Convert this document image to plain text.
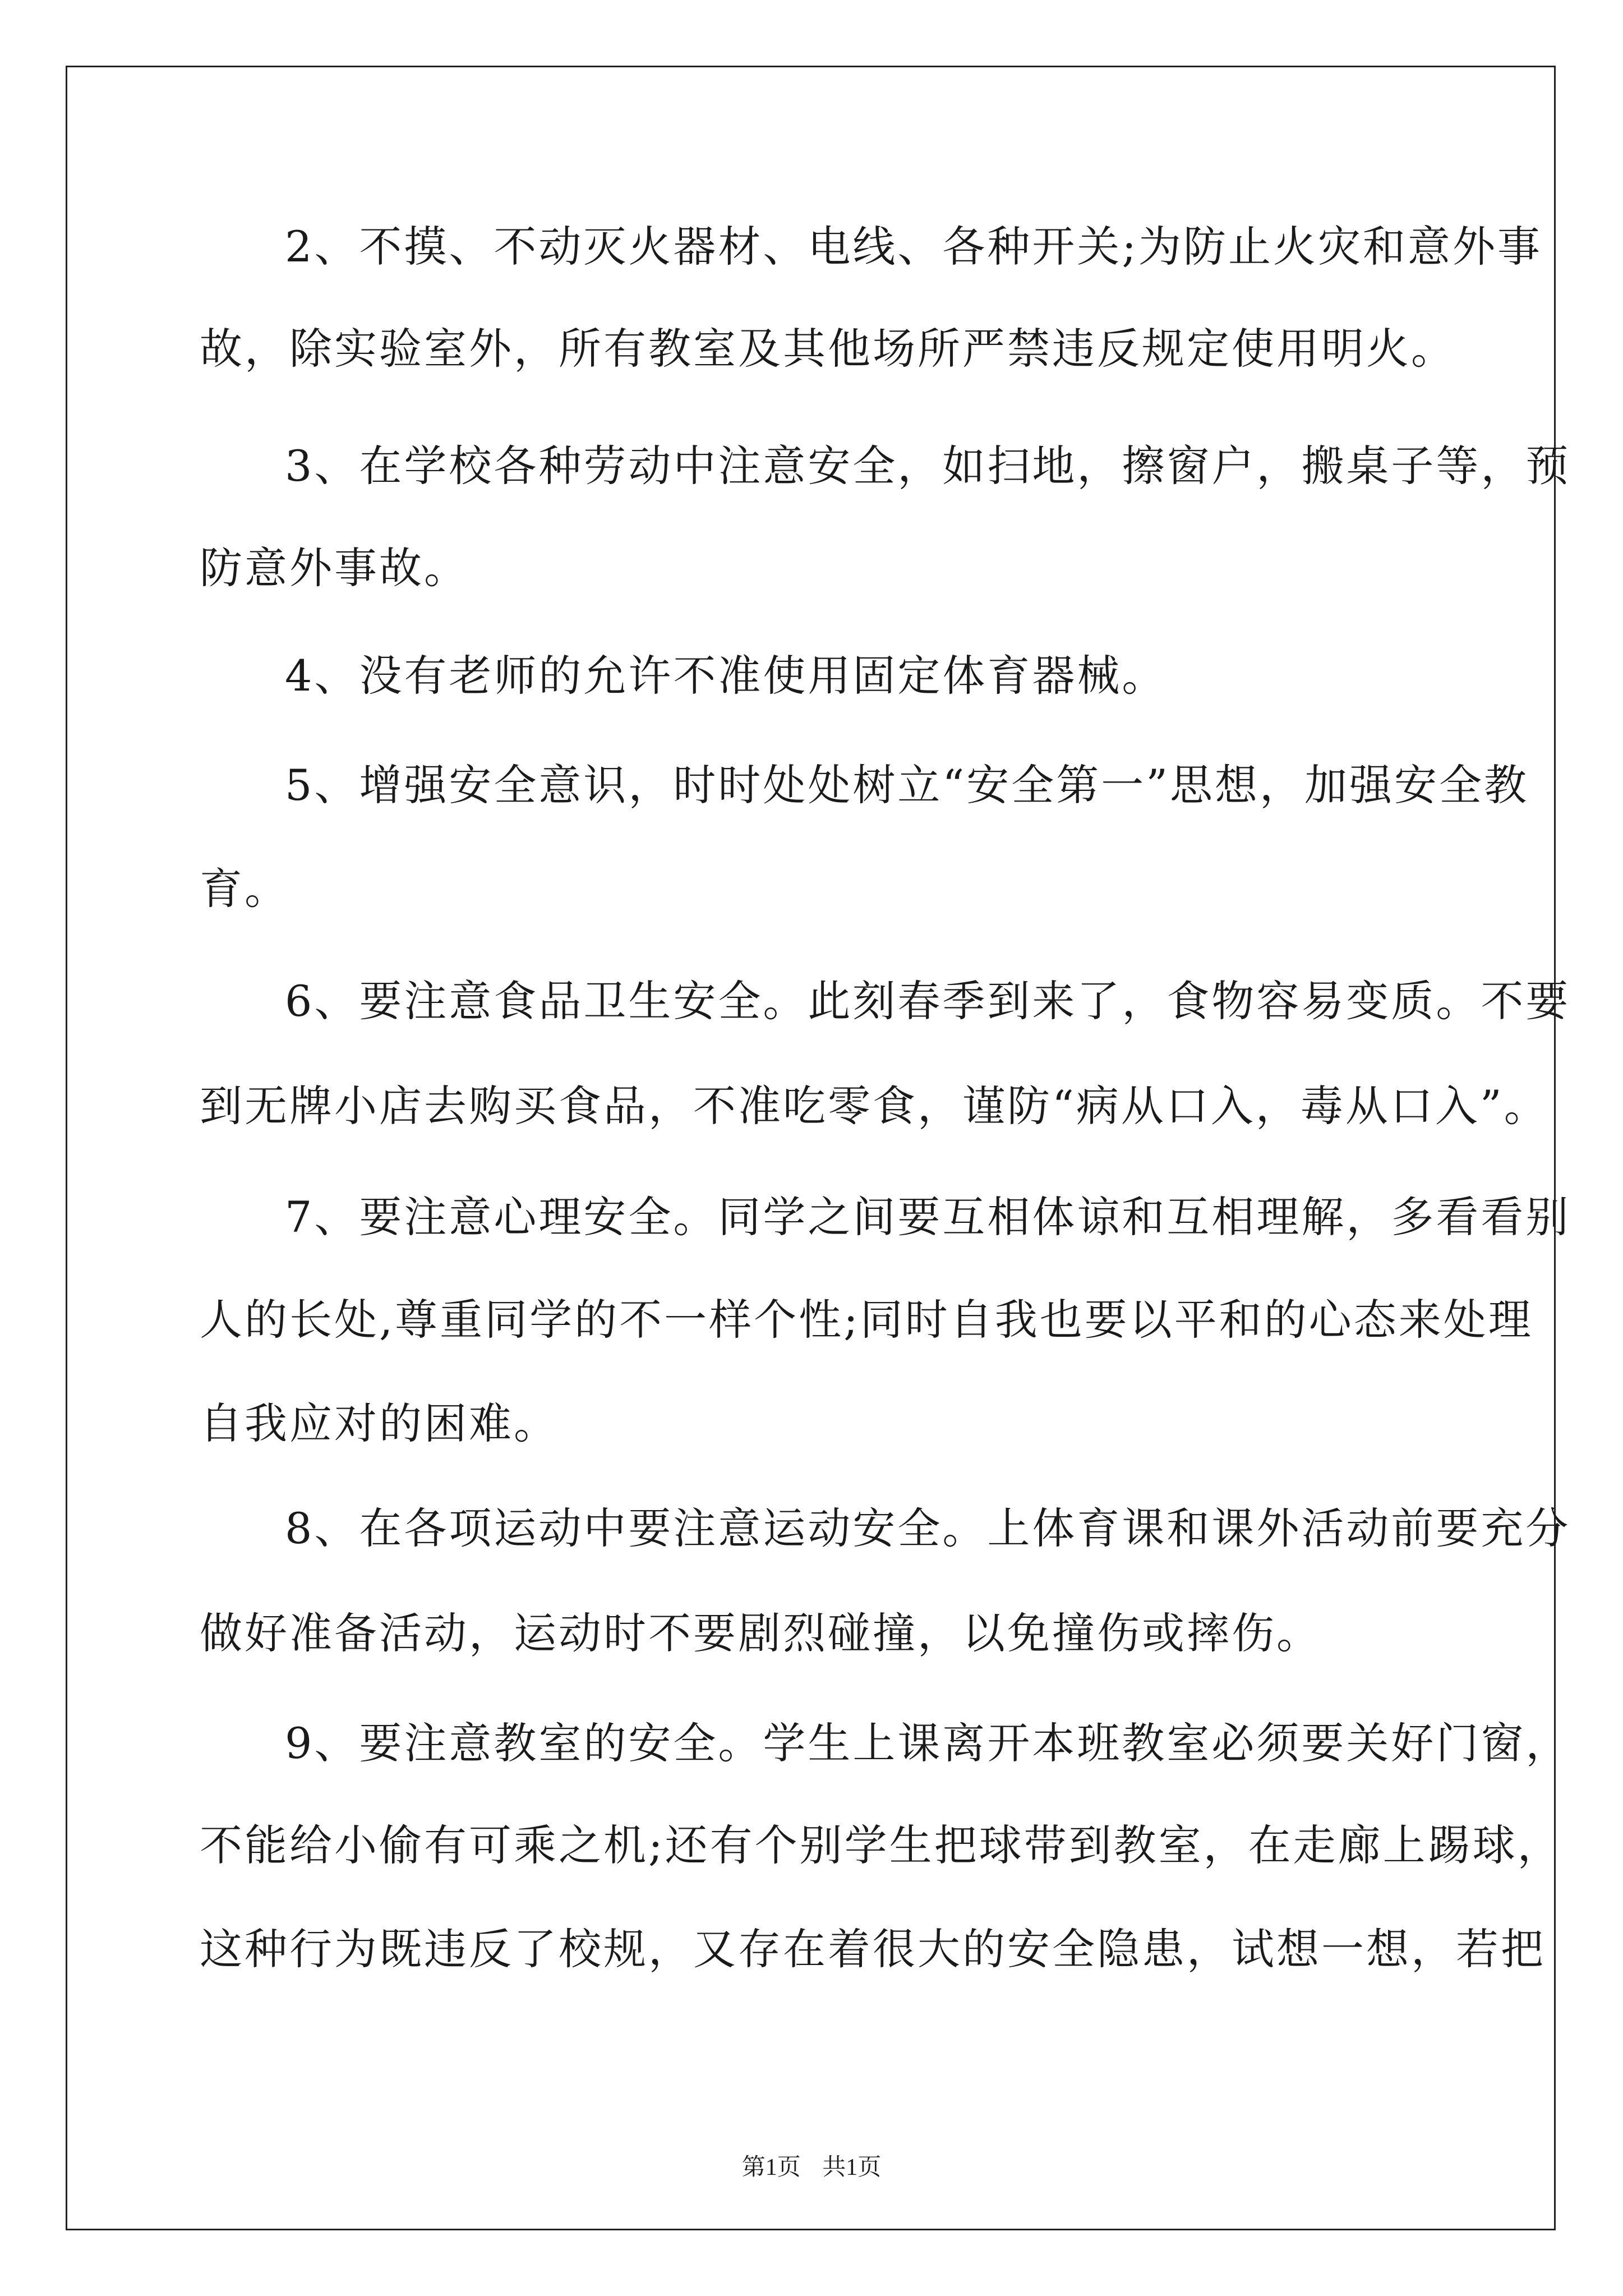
2、不摸、不动灭火器材、电线、各种开关;为防止火灾和意外事
故，除实验室外，所有教室及其他场所严禁违反规定使用明火。
3、在学校各种劳动中注意安全，如扫地，擦窗户，搬桌子等，预
防意外事故。
4、没有老师的允许不准使用固定体育器械。
5、增强安全意识，时时处处树立“安全第一”思想，加强安全教
育。
6、要注意食品卫生安全。此刻春季到来了，食物容易变质。不要
到无牌小店去购买食品，不准吃零食，谨防“病从口入，毒从口入”。
7、要注意心理安全。同学之间要互相体谅和互相理解，多看看别
人的长处,尊重同学的不一样个性;同时自我也要以平和的心态来处理
自我应对的困难。
8、在各项运动中要注意运动安全。上体育课和课外活动前要充分
做好准备活动，运动时不要剧烈碰撞，以免撞伤或摔伤。
9、要注意教室的安全。学生上课离开本班教室必须要关好门窗，
不能给小偷有可乘之机;还有个别学生把球带到教室，在走廊上踢球，
这种行为既违反了校规，又存在着很大的安全隐患，试想一想，若把
第1页 共1页
